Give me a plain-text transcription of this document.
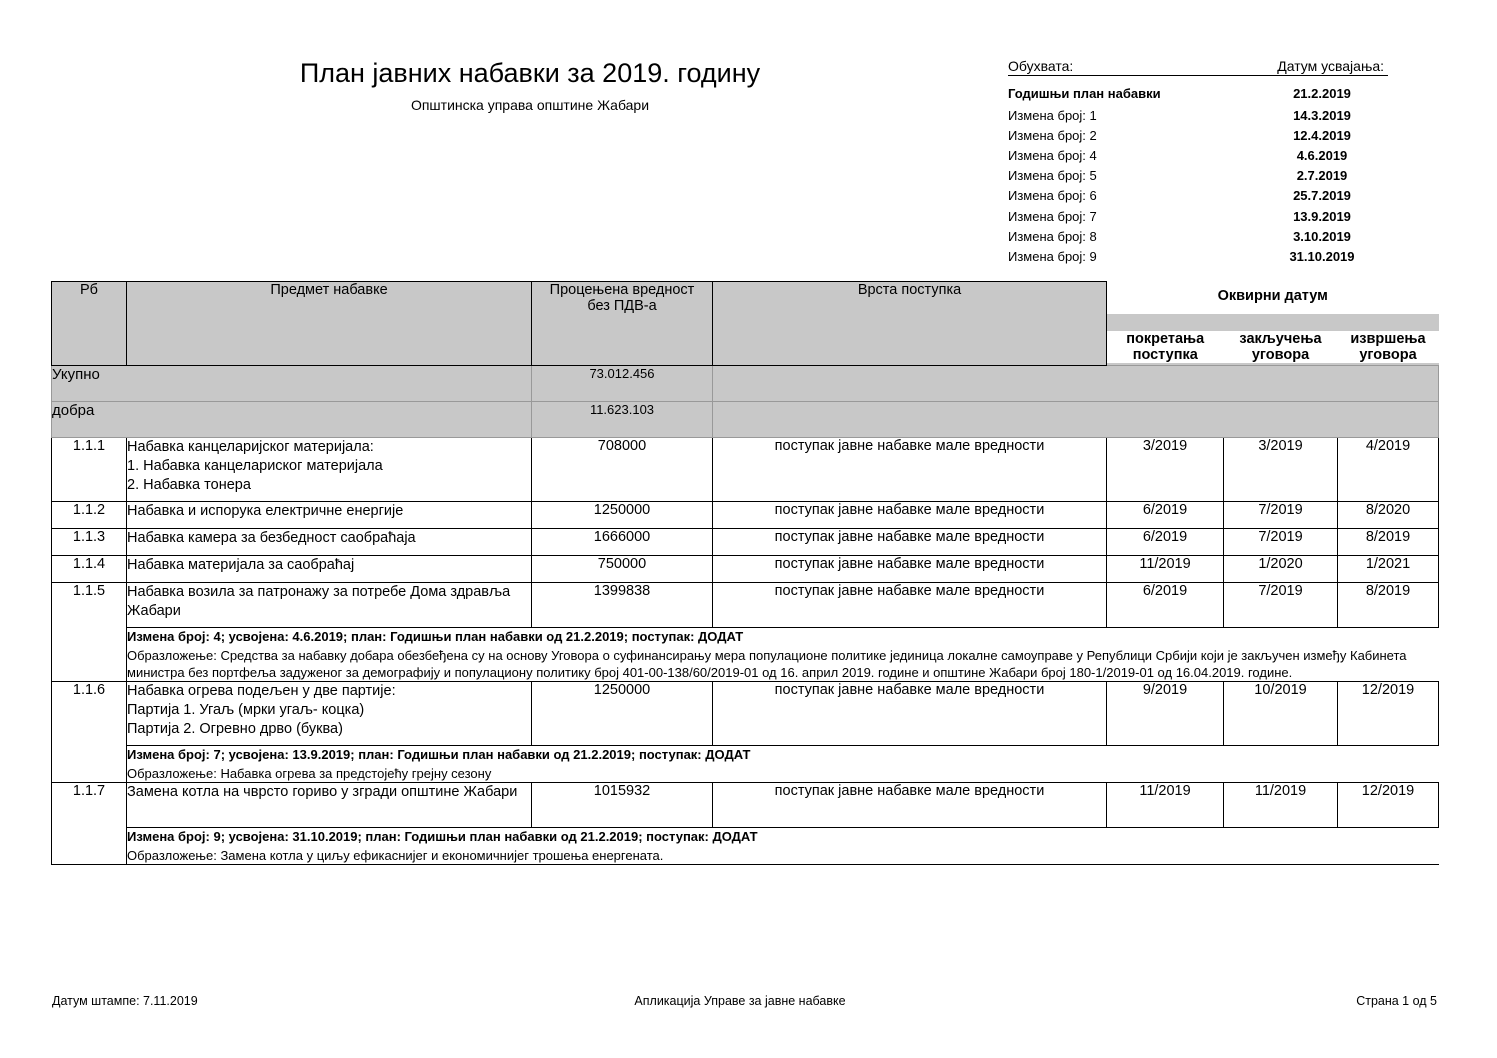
План јавних набавки за 2019. годину
Општинска управа општине Жабари
Обухвата:	Датум усвајања:
Годишњи план набавки	21.2.2019
Измена број: 1	14.3.2019
Измена број: 2	12.4.2019
Измена број: 4	4.6.2019
Измена број: 5	2.7.2019
Измена број: 6	25.7.2019
Измена број: 7	13.9.2019
Измена број: 8	3.10.2019
Измена број: 9	31.10.2019
Рб	Предмет набавке	Процењена вредност без ПДВ-а	Врста поступка	Оквирни датум		

				покретања поступка	закључења уговора	извршења уговора

Укупно		73.012.456				
добра		11.623.103				
1.1.1	Набавка канцеларијског материјала:
1. Набавка канцелариског материјала
2. Набавка тонера	708000	поступак јавне набавке мале вредности	3/2019	3/2019	4/2019
1.1.2	Набавка и испорука електричне енергије	1250000	поступак јавне набавке мале вредности	6/2019	7/2019	8/2020
1.1.3	Набавка камера за безбедност саобраћаја	1666000	поступак јавне набавке мале вредности	6/2019	7/2019	8/2019
1.1.4	Набавка материјала за саобраћај	750000	поступак јавне набавке мале вредности	11/2019	1/2020	1/2021
1.1.5	Набавка возила за патронажу за потребе Дома здравља Жабари	1399838	поступак јавне набавке мале вредности	6/2019	7/2019	8/2019

	Измена број: 4; усвојена: 4.6.2019; план: Годишњи план набавки од 21.2.2019; поступак: ДОДАТ
Образложење: Средства за набавку добара обезбеђена су на основу Уговора о суфинансирању мера популационе политике јединица локалне самоуправе у Републици Србији који је закључен између Кабинета министра без портфеља задуженог за демографију и популациону политику број 401-00-138/60/2019-01 од 16. април 2019. године и општине Жабари број 180-1/2019-01 од 16.04.2019. године.					

1.1.6	Набавка огрева подељен у две партије:
Партија 1. Угаљ (мрки угаљ- коцка)
Партија 2. Огревно дрво (буква)	1250000	поступак јавне набавке мале вредности	9/2019	10/2019	12/2019

	Измена број: 7; усвојена: 13.9.2019; план: Годишњи план набавки од 21.2.2019; поступак: ДОДАТ
Образложење: Набавка огрева за предстојећу грејну сезону					

1.1.7	Замена котла на чврсто гориво у згради општине Жабари	1015932	поступак јавне набавке мале вредности	11/2019	11/2019	12/2019

	Измена број: 9; усвојена: 31.10.2019; план: Годишњи план набавки од 21.2.2019; поступак: ДОДАТ
Образложење: Замена котла у циљу ефикаснијег и економичнијег трошења енергената.					
Датум штампе: 7.11.2019	Апликација Управе за јавне набавке	Страна 1 од 5
